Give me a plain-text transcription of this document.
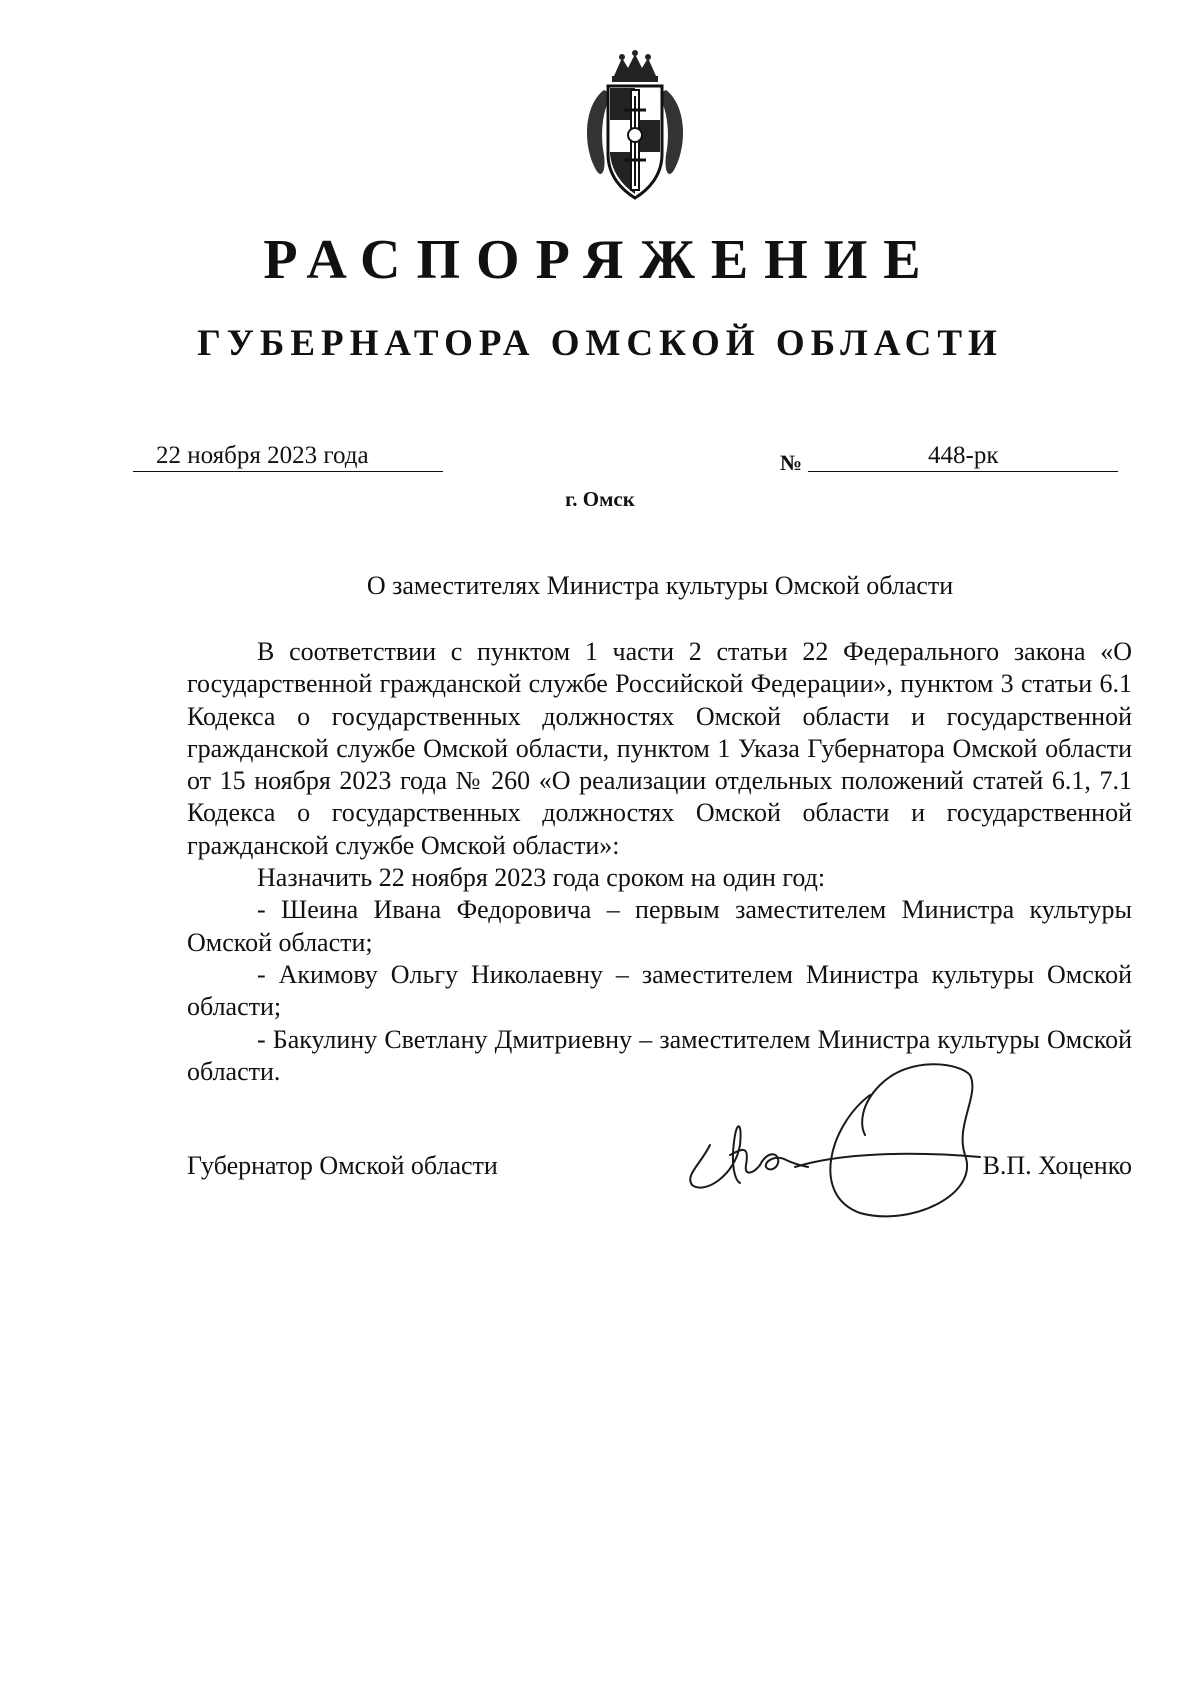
РАСПОРЯЖЕНИЕ
ГУБЕРНАТОРА ОМСКОЙ ОБЛАСТИ
22 ноября 2023 года	№	448-рк
г. Омск
О заместителях Министра культуры Омской области

В соответствии с пунктом 1 части 2 статьи 22 Федерального закона «О государственной гражданской службе Российской Федерации», пунктом 3 статьи 6.1 Кодекса о государственных должностях Омской области и государственной гражданской службе Омской области, пунктом 1 Указа Губернатора Омской области от 15 ноября 2023 года № 260 «О реализации отдельных положений статей 6.1, 7.1 Кодекса о государственных должностях Омской области и государственной гражданской службе Омской области»:

Назначить 22 ноября 2023 года сроком на один год:

- Шеина Ивана Федоровича – первым заместителем Министра культуры Омской области;

- Акимову Ольгу Николаевну – заместителем Министра культуры Омской области;

- Бакулину Светлану Дмитриевну – заместителем Министра культуры Омской области.

Губернатор Омской области	В.П. Хоценко
